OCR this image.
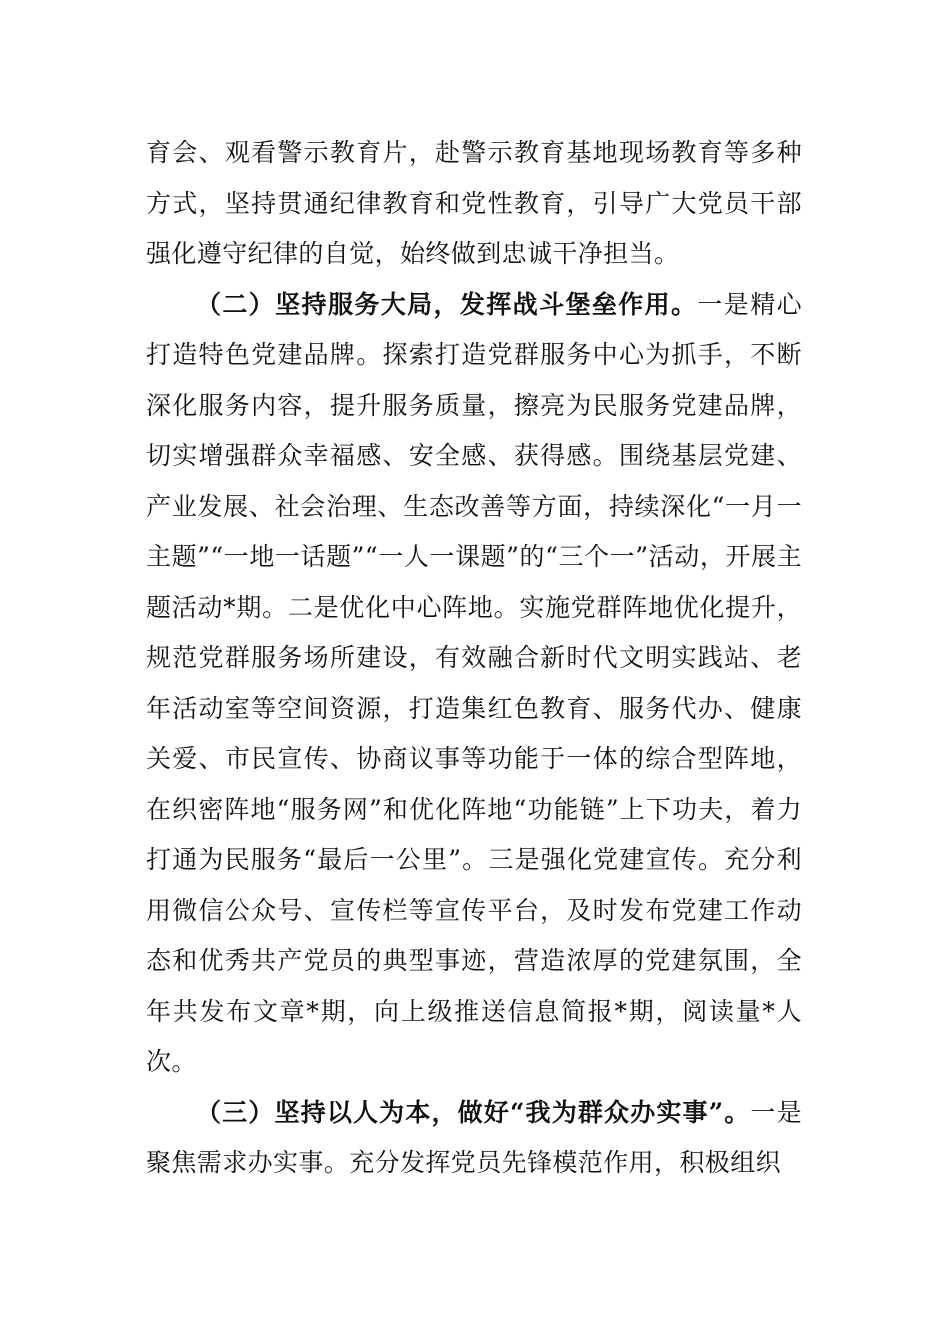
育会、观看警示教育片，赴警示教育基地现场教育等多种方式，坚持贯通纪律教育和党性教育，引导广大党员干部强化遵守纪律的自觉，始终做到忠诚干净担当。

（二）坚持服务大局，发挥战斗堡垒作用。一是精心打造特色党建品牌。探索打造党群服务中心为抓手，不断深化服务内容，提升服务质量，擦亮为民服务党建品牌，切实增强群众幸福感、安全感、获得感。围绕基层党建、产业发展、社会治理、生态改善等方面，持续深化“一月一主题”“一地一话题”“一人一课题”的“三个一”活动，开展主题活动*期。二是优化中心阵地。实施党群阵地优化提升，规范党群服务场所建设，有效融合新时代文明实践站、老年活动室等空间资源，打造集红色教育、服务代办、健康关爱、市民宣传、协商议事等功能于一体的综合型阵地，在织密阵地“服务网”和优化阵地“功能链”上下功夫，着力打通为民服务“最后一公里”。三是强化党建宣传。充分利用微信公众号、宣传栏等宣传平台，及时发布党建工作动态和优秀共产党员的典型事迹，营造浓厚的党建氛围，全年共发布文章*期，向上级推送信息简报*期，阅读量*人次。

（三）坚持以人为本，做好“我为群众办实事”。一是聚焦需求办实事。充分发挥党员先锋模范作用，积极组织
